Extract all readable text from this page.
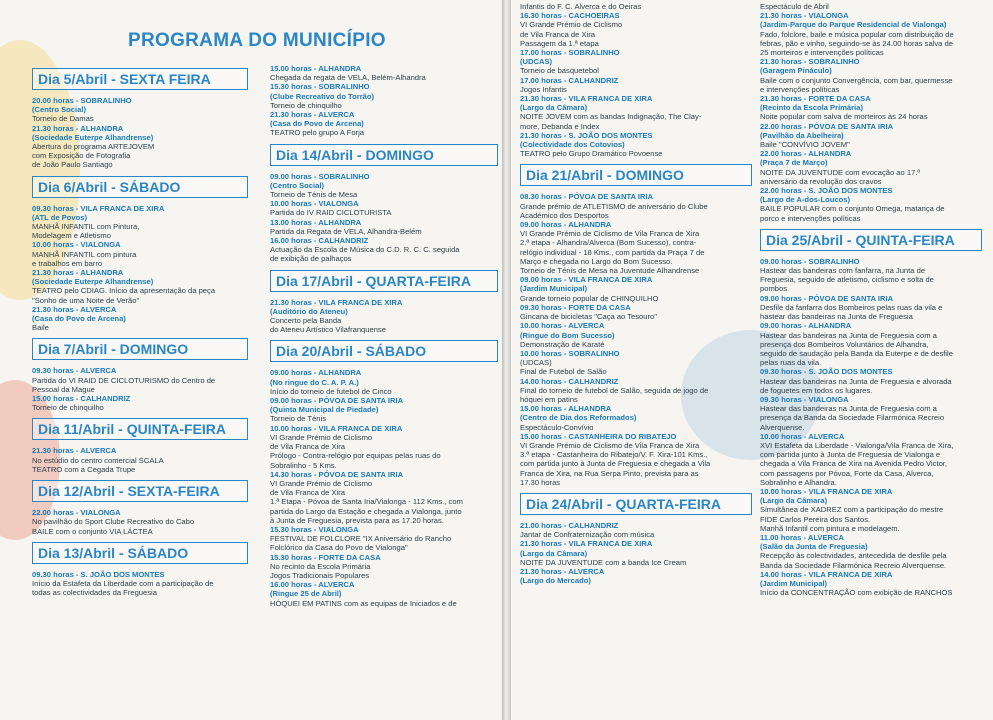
PROGRAMA DO MUNICÍPIO
Dia 5/Abril - SEXTA FEIRA
20.00 horas - SOBRALINHO
(Centro Social)
Torneio de Damas
21.30 horas - ALHANDRA
(Sociedade Euterpe Alhandrense)
Abertura do programa ARTEJOVEM
com Exposição de Fotografia
de João Paulo Santiago
Dia 6/Abril - SÁBADO
09.30 horas - VILA FRANCA DE XIRA
(ATL de Povos)
MANHÃ INFANTIL com Pintura,
Modelagem e Atletismo
10.00 horas - VIALONGA
MANHÃ INFANTIL com pintura
e trabalhos em barro
21.30 horas - ALHANDRA
(Sociedade Euterpe Alhandrense)
TEATRO pelo CDIAG. Início da apresentação da peça
"Sonho de uma Noite de Verão"
21.30 horas - ALVERCA
(Casa do Povo de Arcena)
Baile
Dia 7/Abril - DOMINGO
09.30 horas - ALVERCA
Partida do VI RAID DE CICLOTURISMO do Centro de
Pessoal da Mague
15.00 horas - CALHANDRIZ
Torneio de chinquilho
Dia 11/Abril - QUINTA-FEIRA
21.30 horas - ALVERCA
No estúdio do centro comercial SCALA
TEATRO com a Cegada Trupe
Dia 12/Abril - SEXTA-FEIRA
22.00 horas - VIALONGA
No pavilhão do Sport Clube Recreativo do Cabo
BAILE com o conjunto VIA LÁCTEA
Dia 13/Abril - SÁBADO
09.30 horas - S. JOÃO DOS MONTES
Início da Estafeta da Liberdade com a participação de
todas as colectividades da Freguesia
15.00 horas - ALHANDRA
Chegada da regata de VELA, Belém-Alhandra
15.30 horas - SOBRALINHO
(Clube Recreativo do Torrão)
Torneio de chinquilho
21.30 horas - ALVERCA
(Casa do Povo de Arcena)
TEATRO pelo grupo A Forja
Dia 14/Abril - DOMINGO
09.00 horas - SOBRALINHO
(Centro Social)
Torneio de Ténis de Mesa
10.00 horas - VIALONGA
Partida do IV RAID CICLOTURISTA
13.00 horas - ALHANDRA
Partida da Regata de VELA, Alhandra-Belém
16.00 horas - CALHANDRIZ
Actuação da Escola de Música do C.D. R. C. C. seguida
de exibição de palhaços
Dia 17/Abril - QUARTA-FEIRA
21.30 horas - VILA FRANCA DE XIRA
(Auditório do Ateneu)
Concerto pela Banda
do Ateneu Artístico Vilafranquense
Dia 20/Abril - SÁBADO
09.00 horas - ALHANDRA
(No ringue do C. A. P. A.)
Início do torneio de futebol de Cinco
09.00 horas - PÓVOA DE SANTA IRIA
(Quinta Municipal de Piedade)
Torneio de Ténis
10.00 horas - VILA FRANCA DE XIRA
VI Grande Prémio de Ciclismo
de Vila Franca de Xira
Prólogo - Contra-relógio por equipas pelas ruas do
Sobralinho - 5 Kms.
14.30 horas - PÓVOA DE SANTA IRIA
VI Grande Prémio de Ciclismo
de Vila Franca de Xira
1.ª Etapa - Póvoa de Santa Iria/Vialonga - 112 Kms., com
partida do Largo da Estação e chegada a Vialonga, junto
à Junta de Freguesia, prevista para as 17.20 horas.
15.30 horas - VIALONGA
FESTIVAL DE FOLCLORE "IX Aniversário do Rancho
Folclórico da Casa do Povo de Vialonga"
15.30 horas - FORTE DA CASA
No recinto da Escola Primária
Jogos Tradicionais Populares
16.00 horas - ALVERCA
(Ringue 25 de Abril)
HÓQUEI EM PATINS com as equipas de Iniciados e de
Infantis do F. C. Alverca e do Oeiras
16.30 horas - CACHOEIRAS
VI Grande Prémio de Ciclismo
de Vila Franca de Xira
Passagem da 1.ª etapa
17.00 horas - SOBRALINHO
(UDCAS)
Torneio de basquetebol
17.00 horas - CALHANDRIZ
Jogos Infantis
21.30 horas - VILA FRANCA DE XIRA
(Largo da Câmara)
NOITE JOVEM com as bandas Indignação, The Clay-
more, Debanda e Index
21.30 horas - S. JOÃO DOS MONTES
(Colectividade dos Cotovios)
TEATRO pelo Grupo Dramático Povoense
Dia 21/Abril - DOMINGO
08.30 horas - PÓVOA DE SANTA IRIA
Grande prémio de ATLETISMO de aniversário do Clube
Académico dos Desportos
09.00 horas - ALHANDRA
VI Grande Prémio de Ciclismo de Vila Franca de Xira
2.ª etapa - Alhandra/Alverca (Bom Sucesso), contra-
relógio individual - 18 Kms., com partida da Praça 7 de
Março e chegada no Largo do Bom Sucesso.
Torneio de Ténis de Mesa na Juventude Alhandrense
09.00 horas - VILA FRANCA DE XIRA
(Jardim Municipal)
Grande torneio popular de CHINQUILHO
09.30 horas - FORTE DA CASA
Gincana de bicicletas "Caça ao Tesouro"
10.00 horas - ALVERCA
(Ringue do Bom Sucesso)
Demonstração de Karaté
10.00 horas - SOBRALINHO
(UDCAS)
Final de Futebol de Salão
14.00 horas - CALHANDRIZ
Final do torneio de futebol de Salão, seguida de jogo de
hóquei em patins
15.00 horas - ALHANDRA
(Centro de Dia dos Reformados)
Espectáculo-Convívio
15.00 horas - CASTANHEIRA DO RIBATEJO
VI Grande Prémio de Ciclismo de Vila Franca de Xira
3.ª etapa - Castanheira do Ribatejo/V. F. Xira-101 Kms.,
com partida junto à Junta de Freguesia e chegada a Vila
Franca de Xira, na Rua Serpa Pinto, prevista para as
17.30 horas
Dia 24/Abril - QUARTA-FEIRA
21.00 horas - CALHANDRIZ
Jantar de Confraternização com música
21.30 horas - VILA FRANCA DE XIRA
(Largo da Câmara)
NOITE DA JUVENTUDE com a banda Ice Cream
21.30 horas - ALVERCA
(Largo do Mercado)
Espectáculo de Abril
21.30 horas - VIALONGA
(Jardim-Parque do Parque Residencial de Vialonga)
Fado, folclore, baile e música popular com distribuição de
febras, pão e vinho, seguindo-se às 24.00 horas salva de
25 morteiros e intervenções políticas
21.30 horas - SOBRALINHO
(Garagem Pináculo)
Baile com o conjunto Convergência, com bar, quermesse
e intervenções políticas
21.30 horas - FORTE DA CASA
(Recinto da Escola Primária)
Noite popular com salva de morteiros às 24 horas
22.00 horas - PÓVOA DE SANTA IRIA
(Pavilhão da Abelheira)
Baile "CONVÍVIO JOVEM"
22.00 horas - ALHANDRA
(Praça 7 de Março)
NOITE DA JUVENTUDE com evocação ao 17.º
aniversário da revolução dos cravos
22.00 horas - S. JOÃO DOS MONTES
(Largo de A-dos-Loucos)
BAILE POPULAR com o conjunto Omega, matança de
porco e intervenções políticas
Dia 25/Abril - QUINTA-FEIRA
09.00 horas - SOBRALINHO
Hastear das bandeiras com fanfarra, na Junta de
Freguesia, seguido de atletismo, ciclismo e solta de
pombos.
09.00 horas - PÓVOA DE SANTA IRIA
Desfile da fanfarra dos Bombeiros pelas ruas da vila e
hastear das bandeiras na Junta de Freguesia
09.00 horas - ALHANDRA
Hastear das bandeiras na Junta de Freguesia com a
presença dos Bombeiros Voluntários de Alhandra,
seguido de saudação pela Banda da Euterpe e de desfile
pelas ruas da vila.
09.30 horas - S. JOÃO DOS MONTES
Hastear das bandeiras na Junta de Freguesia e alvorada
de foguetes em todos os lugares.
09.30 horas - VIALONGA
Hastear das bandeiras na Junta de Freguesia com a
presença da Banda da Sociedade Filarmónica Recreio
Alverquense.
10.00 horas - ALVERCA
XVI Estafeta da Liberdade - Vialonga/Vila Franca de Xira,
com partida junto à Junta de Freguesia de Vialonga e
chegada a Vila Franca de Xira na Avenida Pedro Victor,
com passagens por Póvoa, Forte da Casa, Alverca,
Sobralinho e Alhandra.
10.00 horas - VILA FRANCA DE XIRA
(Largo da Câmara)
Simultânea de XADREZ com a participação do mestre
FIDE Carlos Pereira dos Santos.
Manhã Infantil com pintura e modelagem.
11.00 horas - ALVERCA
(Salão da Junta de Freguesia)
Recepção às colectividades, antecedida de desfile pela
Banda da Sociedade Filarmónica Recreio Alverquense.
14.00 horas - VILA FRANCA DE XIRA
(Jardim Municipal)
Início da CONCENTRAÇÃO com exibição de RANCHOS
